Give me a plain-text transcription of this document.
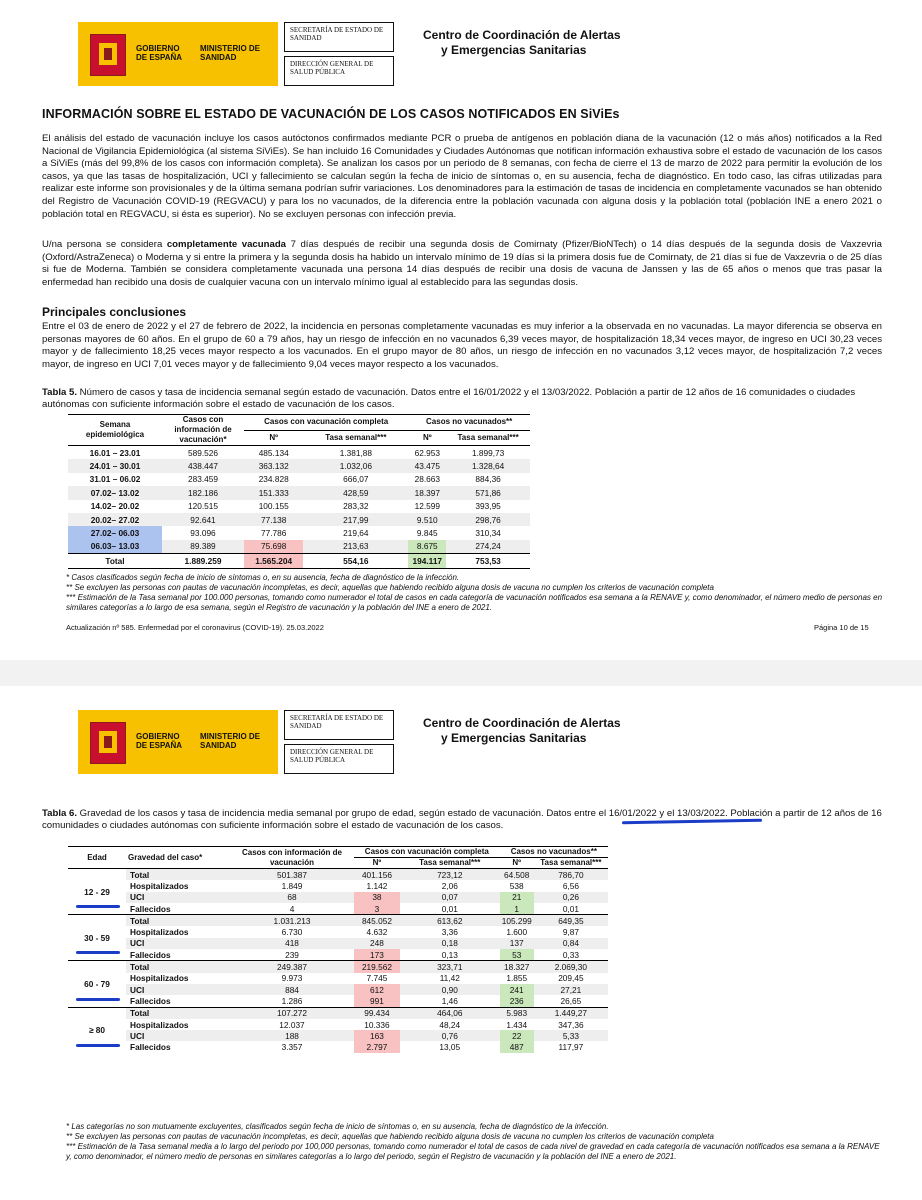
GOBIERNO DE ESPAÑA
MINISTERIO DE SANIDAD
SECRETARÍA DE ESTADO DE SANIDAD
DIRECCIÓN GENERAL DE SALUD PÚBLICA
Centro de Coordinación de Alertas
y Emergencias Sanitarias
INFORMACIÓN SOBRE EL ESTADO DE VACUNACIÓN DE LOS CASOS NOTIFICADOS EN SiViEs

El análisis del estado de vacunación incluye los casos autóctonos confirmados mediante PCR o prueba de antígenos en población diana de la vacunación (12 o más años) notificados a la Red Nacional de Vigilancia Epidemiológica (al sistema SiViEs). Se han incluido 16 Comunidades y Ciudades Autónomas que notifican información exhaustiva sobre el estado de vacunación de los casos a SiViEs (más del 99,8% de los casos con información completa). Se analizan los casos por un periodo de 8 semanas, con fecha de cierre el 13 de marzo de 2022 para permitir la evolución de los casos, ya que las tasas de hospitalización, UCI y fallecimiento se calculan según la fecha de inicio de síntomas o, en su ausencia, fecha de diagnóstico. En todo caso, las cifras utilizadas para realizar este informe son provisionales y de la última semana podrían sufrir variaciones. Los denominadores para la estimación de tasas de incidencia en completamente vacunados se han obtenido del Registro de Vacunación COVID-19 (REGVACU) y para los no vacunados, de la diferencia entre la población vacunada con alguna dosis y la población total (población INE a enero 2021 o población total en REGVACU, si ésta es superior). No se excluyen personas con infección previa.

U/na persona se considera completamente vacunada 7 días después de recibir una segunda dosis de Comirnaty (Pfizer/BioNTech) o 14 días después de la segunda dosis de Vaxzevria (Oxford/AstraZeneca) o Moderna y si entre la primera y la segunda dosis ha habido un intervalo mínimo de 19 días si la primera dosis fue de Comirnaty, de 21 días si fue de Vaxzevria o de 25 días si fue de Moderna. También se considera completamente vacunada una persona 14 días después de recibir una dosis de vacuna de Janssen y las de 65 años o menos que tras pasar la enfermedad han recibido una dosis de cualquier vacuna con un intervalo mínimo igual al establecido para las segundas dosis.

Principales conclusiones

Entre el 03 de enero de 2022 y el 27 de febrero de 2022, la incidencia en personas completamente vacunadas es muy inferior a la observada en no vacunadas. La mayor diferencia se observa en personas mayores de 60 años. En el grupo de 60 a 79 años, hay un riesgo de infección en no vacunados 6,39 veces mayor, de hospitalización 18,34 veces mayor, de ingreso en UCI 30,23 veces mayor y de fallecimiento 18,25 veces mayor respecto a los vacunados. En el grupo mayor de 80 años, un riesgo de infección en no vacunados 3,12 veces mayor, de hospitalización 7,2 veces mayor, de ingreso en UCI 7,01 veces mayor y de fallecimiento 9,04 veces mayor respecto a los vacunados.

Tabla 5. Número de casos y tasa de incidencia semanal según estado de vacunación. Datos entre el 16/01/2022 y el 13/03/2022. Población a partir de 12 años de 16 comunidades o ciudades autónomas con suficiente información sobre el estado de vacunación de los casos.

Semana epidemiológica	Casos con información de vacunación*	Casos con vacunación completa		Casos no vacunados**	
		Nº	Tasa semanal***	Nº	Tasa semanal***
16.01 – 23.01	589.526	485.134	1.381,88	62.953	1.899,73
24.01 – 30.01	438.447	363.132	1.032,06	43.475	1.328,64
31.01 – 06.02	283.459	234.828	666,07	28.663	884,36
07.02– 13.02	182.186	151.333	428,59	18.397	571,86
14.02– 20.02	120.515	100.155	283,32	12.599	393,95
20.02– 27.02	92.641	77.138	217,99	9.510	298,76
27.02– 06.03	93.096	77.786	219,64	9.845	310,34
06.03– 13.03	89.389	75.698	213,63	8.675	274,24
Total	1.889.259	1.565.204	554,16	194.117	753,53
* Casos clasificados según fecha de inicio de síntomas o, en su ausencia, fecha de diagnóstico de la infección.
** Se excluyen las personas con pautas de vacunación incompletas, es decir, aquellas que habiendo recibido alguna dosis de vacuna no cumplen los criterios de vacunación completa
*** Estimación de la Tasa semanal por 100.000 personas, tomando como numerador el total de casos en cada categoría de vacunación notificados esa semana a la RENAVE y, como denominador, el número medio de personas en similares categorías a lo largo de esa semana, según el Registro de vacunación y la población del INE a enero de 2021.
Actualización nº 585. Enfermedad por el coronavirus (COVID-19). 25.03.2022	Página 10 de 15
GOBIERNO DE ESPAÑA
MINISTERIO DE SANIDAD
SECRETARÍA DE ESTADO DE SANIDAD
DIRECCIÓN GENERAL DE SALUD PÚBLICA
Centro de Coordinación de Alertas
y Emergencias Sanitarias

Tabla 6. Gravedad de los casos y tasa de incidencia media semanal por grupo de edad, según estado de vacunación. Datos entre el 16/01/2022 y el 13/03/2022. Población a partir de 12 años de 16 comunidades o ciudades autónomas con suficiente información sobre el estado de vacunación de los casos.

Edad	Gravedad del caso*	Casos con información de vacunación	Casos con vacunación completa		Casos no vacunados**	
			Nº	Tasa semanal***	Nº	Tasa semanal***
12 - 29	Total	501.387	401.156	723,12	64.508	786,70
	Hospitalizados	1.849	1.142	2,06	538	6,56
	UCI	68	38	0,07	21	0,26
	Fallecidos	4	3	0,01	1	0,01
30 - 59	Total	1.031.213	845.052	613,62	105.299	649,35
	Hospitalizados	6.730	4.632	3,36	1.600	9,87
	UCI	418	248	0,18	137	0,84
	Fallecidos	239	173	0,13	53	0,33
60 - 79	Total	249.387	219.562	323,71	18.327	2.069,30
	Hospitalizados	9.973	7.745	11,42	1.855	209,45
	UCI	884	612	0,90	241	27,21
	Fallecidos	1.286	991	1,46	236	26,65
≥ 80	Total	107.272	99.434	464,06	5.983	1.449,27
	Hospitalizados	12.037	10.336	48,24	1.434	347,36
	UCI	188	163	0,76	22	5,33
	Fallecidos	3.357	2.797	13,05	487	117,97
* Las categorías no son mutuamente excluyentes, clasificados según fecha de inicio de síntomas o, en su ausencia, fecha de diagnóstico de la infección.
** Se excluyen las personas con pautas de vacunación incompletas, es decir, aquellas que habiendo recibido alguna dosis de vacuna no cumplen los criterios de vacunación completa
*** Estimación de la Tasa semanal media a lo largo del periodo por 100,000 personas, tomando como numerador el total de casos de cada nivel de gravedad en cada categoría de vacunación notificados esa semana a la RENAVE y, como denominador, el número medio de personas en similares categorías a lo largo del periodo, según el Registro de vacunación y la población del INE a enero de 2021.
